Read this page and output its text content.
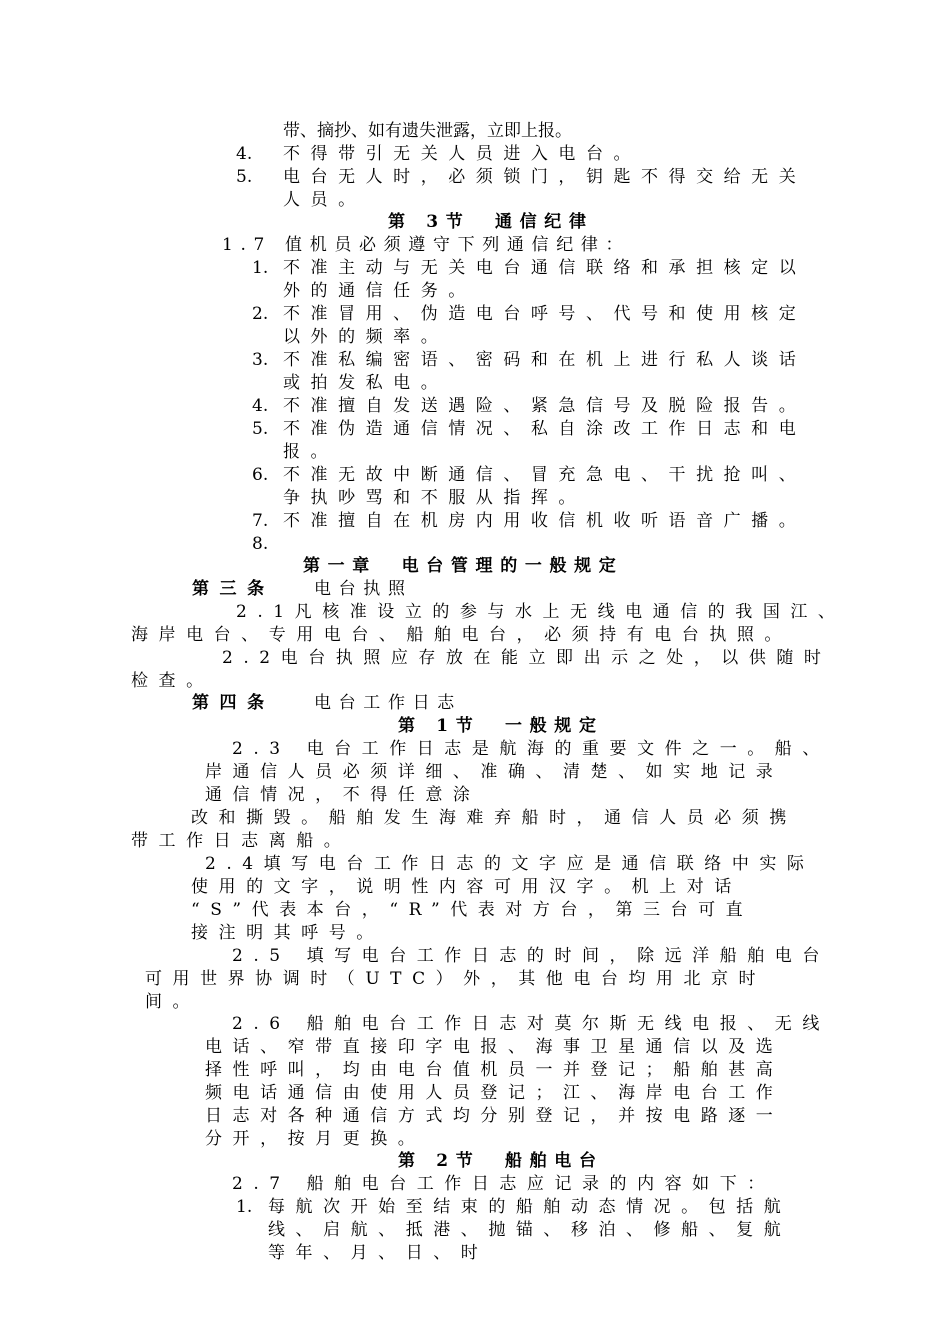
带、摘抄、如有遗失泄露，立即上报。
4. 不得带引无关人员进入电台。
5. 电台无人时，必须锁门，钥匙不得交给无关
人员。
第 3节　通信纪律
1.7 值机员必须遵守下列通信纪律：
1. 不准主动与无关电台通信联络和承担核定以
外的通信任务。
2. 不准冒用、伪造电台呼号、代号和使用核定
以外的频率。
3. 不准私编密语、密码和在机上进行私人谈话
或拍发私电。
4. 不准擅自发送遇险、紧急信号及脱险报告。
5. 不准伪造通信情况、私自涂改工作日志和电
报。
6. 不准无故中断通信、冒充急电、干扰抢叫、
争执吵骂和不服从指挥。
7. 不准擅自在机房内用收信机收听语音广播。
8.
第一章　电台管理的一般规定
第三条 电台执照
2.1凡核准设立的参与水上无线电通信的我国江、
海岸电台、专用电台、船舶电台，必须持有电台执照。
2.2电台执照应存放在能立即出示之处，以供随时
检查。
第四条 电台工作日志
第 1节　一般规定
2.3 电台工作日志是航海的重要文件之一。船、
岸通信人员必须详细、准确、清楚、如实地记录
通信情况，不得任意涂
改和撕毁。船舶发生海难弃船时，通信人员必须携
带工作日志离船。
2.4填写电台工作日志的文字应是通信联络中实际
使用的文字，说明性内容可用汉字。机上对话
“S”代表本台，“R”代表对方台，第三台可直
接注明其呼号。
2.5 填写电台工作日志的时间，除远洋船舶电台
可用世界协调时（UTC）外，其他电台均用北京时
间。
2.6 船舶电台工作日志对莫尔斯无线电报、无线
电话、窄带直接印字电报、海事卫星通信以及选
择性呼叫，均由电台值机员一并登记；船舶甚高
频电话通信由使用人员登记；江、海岸电台工作
日志对各种通信方式均分别登记，并按电路逐一
分开，按月更换。
第 2节　船舶电台
2.7 船舶电台工作日志应记录的内容如下：
1. 每航次开始至结束的船舶动态情况。包括航
线、启航、抵港、抛锚、移泊、修船、复航
等年、月、日、时
